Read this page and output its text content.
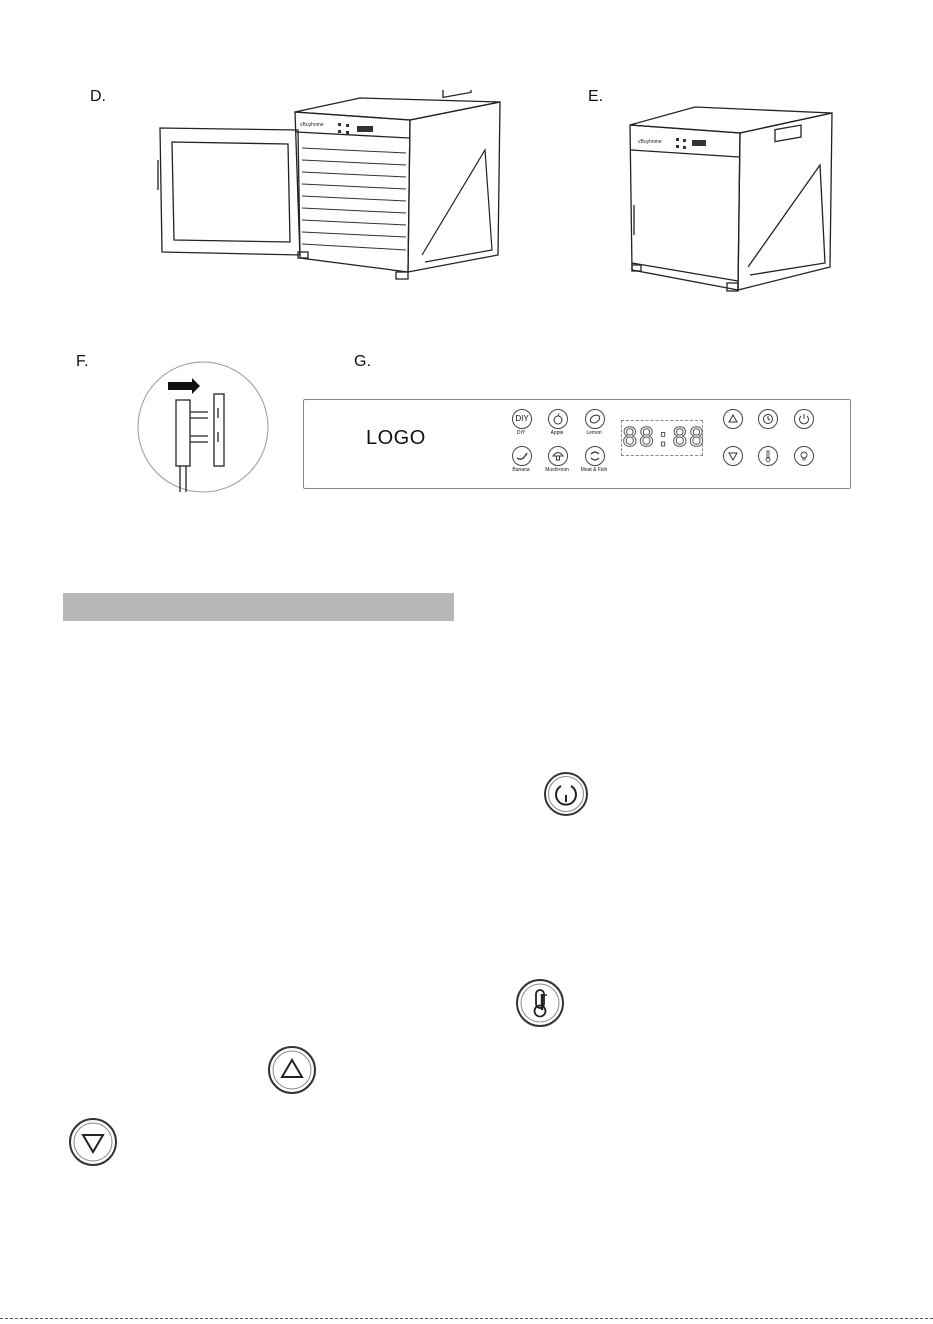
D.
vBuyhome
E.
vBuyhome
F.	G.
LOGO
DIY
DIY	Apple	Lemon
Banana	Mushroom	Meat & Fish
88:88
